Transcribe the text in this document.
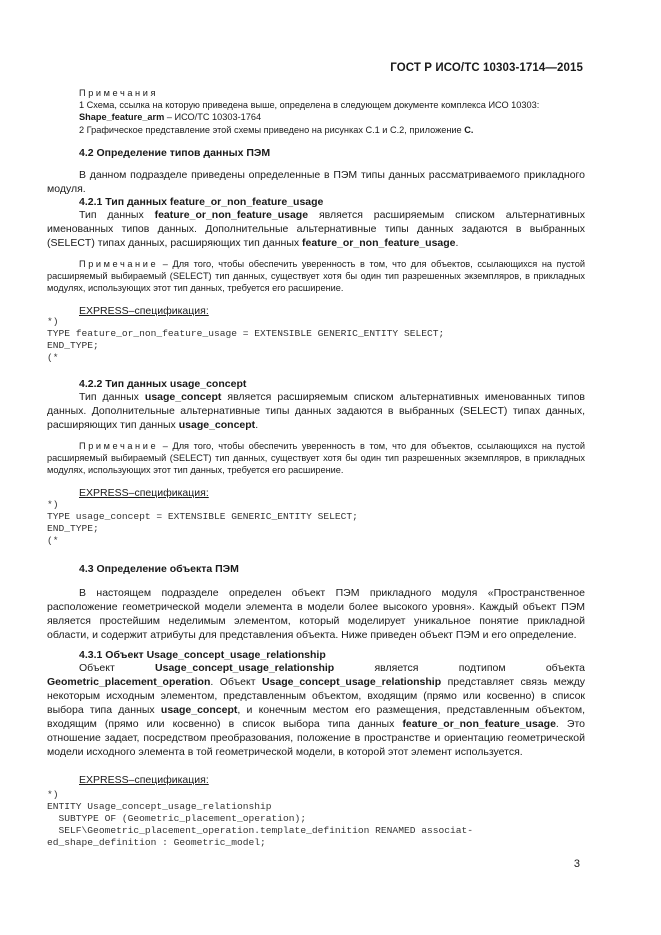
ГОСТ Р ИСО/ТС 10303-1714—2015

Примечания

1 Схема, ссылка на которую приведена выше, определена в следующем документе комплекса ИСО 10303:
Shape_feature_arm – ИСО/ТС 10303-1764

2 Графическое представление этой схемы приведено на рисунках С.1 и С.2, приложение С.

4.2 Определение типов данных ПЭМ
В данном подразделе приведены определенные в ПЭМ типы данных рассматриваемого прикладного модуля.
4.2.1 Тип данных feature_or_non_feature_usage
Тип данных feature_or_non_feature_usage является расширяемым списком альтернативных именованных типов данных. Дополнительные альтернативные типы данных задаются в выбранных (SELECT) типах данных, расширяющих тип данных feature_or_non_feature_usage.
Примечание – Для того, чтобы обеспечить уверенность в том, что для объектов, ссылающихся на пустой расширяемый выбираемый (SELECT) тип данных, существует хотя бы один тип разрешенных экземпляров, в прикладных модулях, использующих этот тип данных, требуется его расширение.
EXPRESS–спецификация:
*)
TYPE feature_or_non_feature_usage = EXTENSIBLE GENERIC_ENTITY SELECT;
END_TYPE;
(*
4.2.2 Тип данных usage_concept
Тип данных usage_concept является расширяемым списком альтернативных именованных типов данных. Дополнительные альтернативные типы данных задаются в выбранных (SELECT) типах данных, расширяющих тип данных usage_concept.
Примечание – Для того, чтобы обеспечить уверенность в том, что для объектов, ссылающихся на пустой расширяемый выбираемый (SELECT) тип данных, существует хотя бы один тип разрешенных экземпляров, в прикладных модулях, использующих этот тип данных, требуется его расширение.
EXPRESS–спецификация:
*)
TYPE usage_concept = EXTENSIBLE GENERIC_ENTITY SELECT;
END_TYPE;
(*
4.3 Определение объекта ПЭМ
В настоящем подразделе определен объект ПЭМ прикладного модуля «Пространственное расположение геометрической модели элемента в модели более высокого уровня». Каждый объект ПЭМ является простейшим неделимым элементом, который моделирует уникальное понятие прикладной области, и содержит атрибуты для представления объекта. Ниже приведен объект ПЭМ и его определение.
4.3.1 Объект Usage_concept_usage_relationship
Объект Usage_concept_usage_relationship является подтипом объекта Geometric_placement_operation. Объект Usage_concept_usage_relationship представляет связь между некоторым исходным элементом, представленным объектом, входящим (прямо или косвенно) в список выбора типа данных usage_concept, и конечным местом его размещения, представленным объектом, входящим (прямо или косвенно) в список выбора типа данных feature_or_non_feature_usage. Это отношение задает, посредством преобразования, положение в пространстве и ориентацию геометрической модели исходного элемента в той геометрической модели, в которой этот элемент используется.
EXPRESS–спецификация:
*)
ENTITY Usage_concept_usage_relationship
SUBTYPE OF (Geometric_placement_operation);
SELF\Geometric_placement_operation.template_definition RENAMED associat-
ed_shape_definition : Geometric_model;
3
